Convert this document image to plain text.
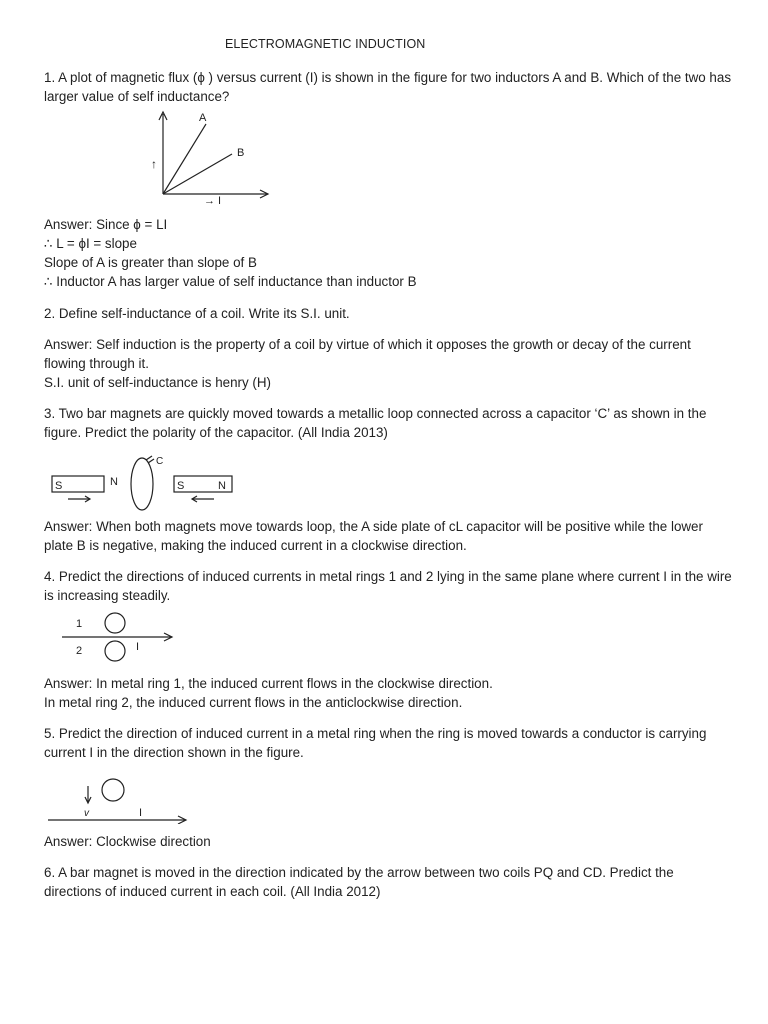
ELECTROMAGNETIC INDUCTION
1. A plot of magnetic flux (ϕ ) versus current (I) is shown in the figure for two inductors A and B. Which of the two has larger value of self inductance?
A
B
↑
→ I
Answer: Since ϕ = LI
∴ L = ϕI = slope
Slope of A is greater than slope of B
∴ Inductor A has larger value of self inductance than inductor B
2. Define self-inductance of a coil. Write its S.I. unit.
Answer: Self induction is the property of a coil by virtue of which it opposes the growth or decay of the current flowing through it.
S.I. unit of self-inductance is henry (H)
3. Two bar magnets are quickly moved towards a metallic loop connected across a capacitor ‘C’ as shown in the figure. Predict the polarity of the capacitor. (All India 2013)
S	N	S	N
C
Answer: When both magnets move towards loop, the A side plate of cL capacitor will be positive while the lower plate B is negative, making the induced current in a clockwise direction.
4. Predict the directions of induced currents in metal rings 1 and 2 lying in the same plane where current I in the wire is increasing steadily.
1
2	I
Answer: In metal ring 1, the induced current flows in the clockwise direction.
In metal ring 2, the induced current flows in the anticlockwise direction.
5. Predict the direction of induced current in a metal ring when the ring is moved towards a conductor is carrying current I in the direction shown in the figure.
v	I
Answer: Clockwise direction
6. A bar magnet is moved in the direction indicated by the arrow between two coils PQ and CD. Predict the directions of induced current in each coil. (All India 2012)
